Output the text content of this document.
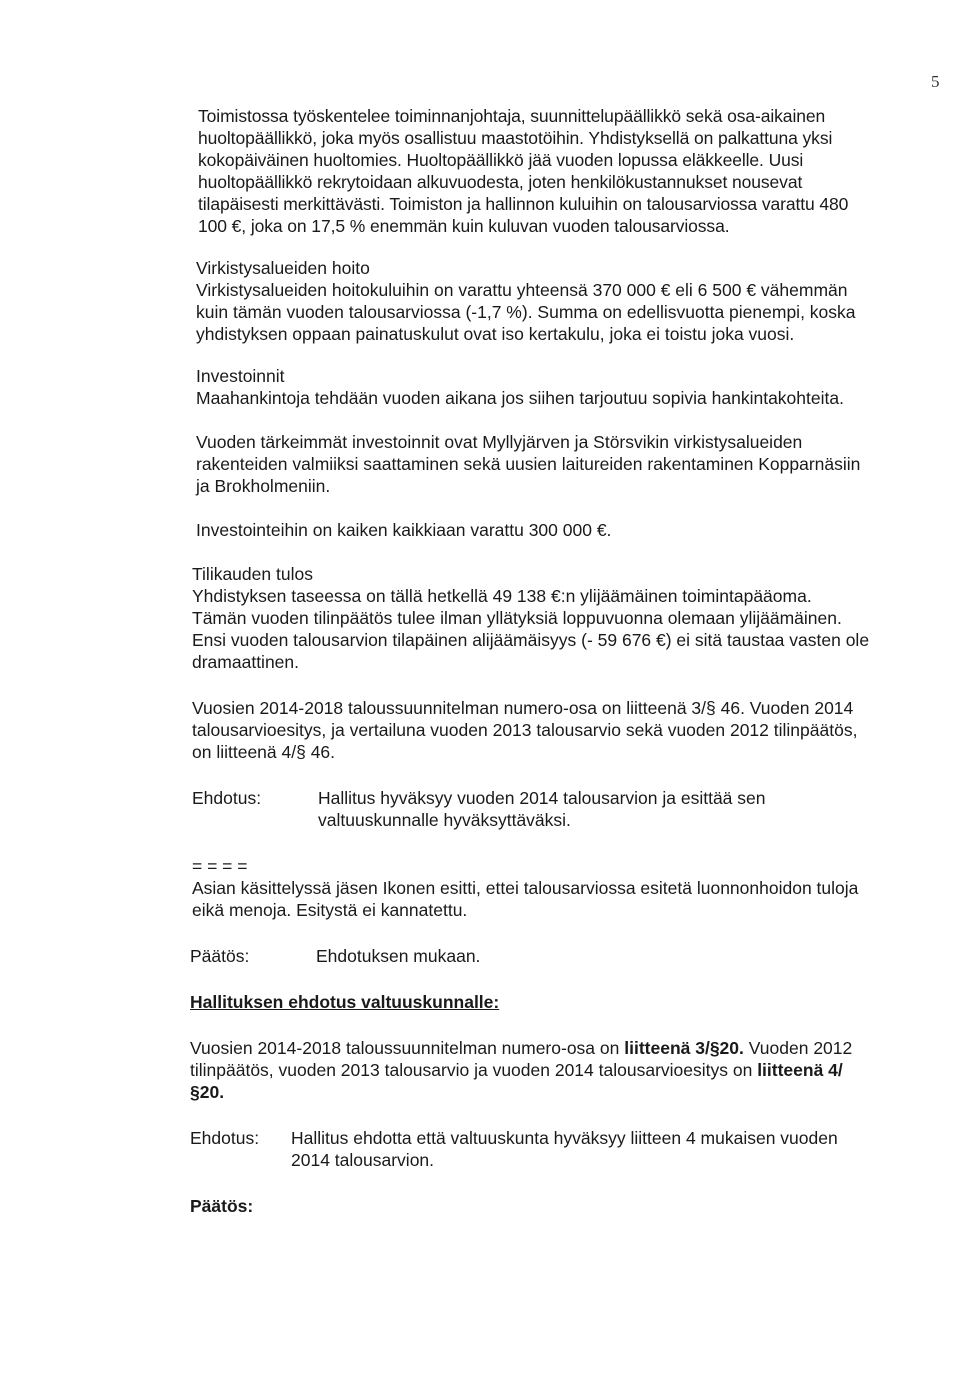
5

Toimistossa työskentelee toiminnanjohtaja, suunnittelupäällikkö sekä osa-aikainen huoltopäällikkö, joka myös osallistuu maastotöihin. Yhdistyksellä on palkattuna yksi kokopäiväinen huoltomies. Huoltopäällikkö jää vuoden lopussa eläkkeelle. Uusi huoltopäällikkö rekrytoidaan alkuvuodesta, joten henkilökustannukset nousevat tilapäisesti merkittävästi. Toimiston ja hallinnon kuluihin on talousarviossa varattu 480 100 €, joka on 17,5 % enemmän kuin kuluvan vuoden talousarviossa.

Virkistysalueiden hoito

Virkistysalueiden hoitokuluihin on varattu yhteensä 370 000 € eli 6 500 € vähemmän kuin tämän vuoden talousarviossa (-1,7 %). Summa on edellisvuotta pienempi, koska yhdistyksen oppaan painatuskulut ovat iso kertakulu, joka ei toistu joka vuosi.

Investoinnit

Maahankintoja tehdään vuoden aikana jos siihen tarjoutuu sopivia hankintakohteita.

Vuoden tärkeimmät investoinnit ovat Myllyjärven ja Störsvikin virkistysalueiden rakenteiden valmiiksi saattaminen sekä uusien laitureiden rakentaminen Kopparnäsiin ja Brokholmeniin.

Investointeihin on kaiken kaikkiaan varattu 300 000 €.

Tilikauden tulos

Yhdistyksen taseessa on tällä hetkellä 49 138 €:n ylijäämäinen toimintapääoma. Tämän vuoden tilinpäätös tulee ilman yllätyksiä loppuvuonna olemaan ylijäämäinen. Ensi vuoden talousarvion tilapäinen alijäämäisyys (- 59 676 €) ei sitä taustaa vasten ole dramaattinen.

Vuosien 2014-2018 taloussuunnitelman numero-osa on liitteenä 3/§ 46. Vuoden 2014 talousarvioesitys, ja vertailuna vuoden 2013 talousarvio sekä vuoden 2012 tilinpäätös, on liitteenä 4/§ 46.

Ehdotus:	Hallitus hyväksyy vuoden 2014 talousarvion ja esittää sen valtuuskunnalle hyväksyttäväksi.
= = = =

Asian käsittelyssä jäsen Ikonen esitti, ettei talousarviossa esitetä luonnonhoidon tuloja eikä menoja. Esitystä ei kannatettu.

Päätös:	Ehdotuksen mukaan.

Hallituksen ehdotus valtuuskunnalle:

Vuosien 2014-2018 taloussuunnitelman numero-osa on liitteenä 3/§20. Vuoden 2012 tilinpäätös, vuoden 2013 talousarvio ja vuoden 2014 talousarvioesitys on liitteenä 4/§20.

Ehdotus:	Hallitus ehdotta että valtuuskunta hyväksyy liitteen 4 mukaisen vuoden 2014 talousarvion.

Päätös:
